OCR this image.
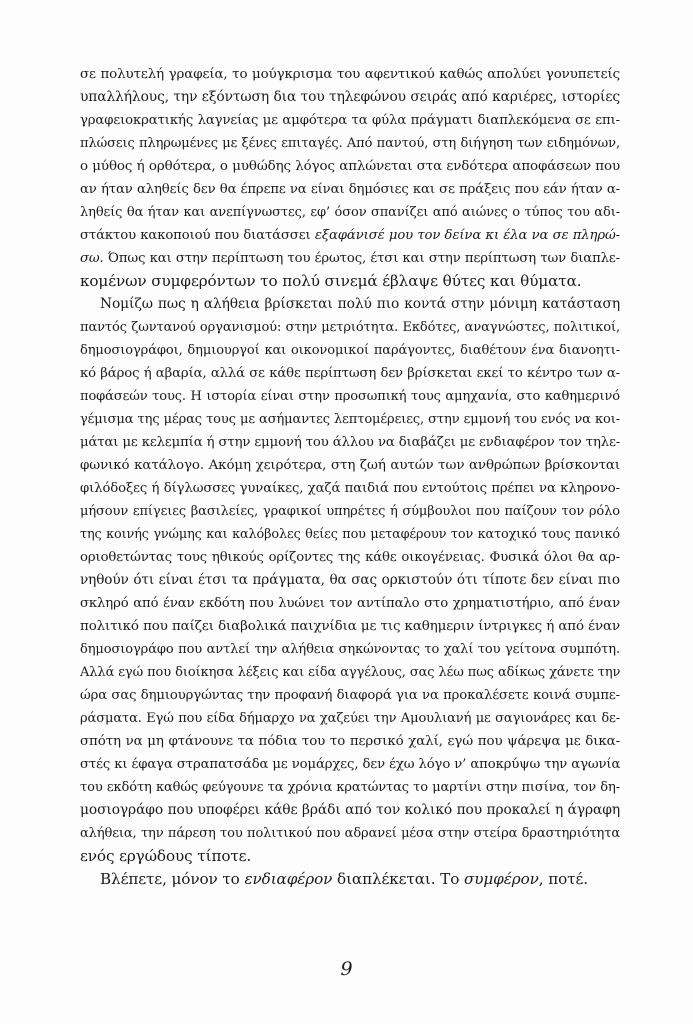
σε πολυτελή γραφεία, το μούγκρισμα του αφεντικού καθώς απολύει γονυπετείς
υπαλλήλους, την εξόντωση δια του τηλεφώνου σειράς από καριέρες, ιστορίες
γραφειοκρατικής λαγνείας με αμφότερα τα φύλα πράγματι διαπλεκόμενα σε επι-
πλώσεις πληρωμένες με ξένες επιταγές. Από παντού, στη διήγηση των ειδημόνων,
ο μύθος ή ορθότερα, ο μυθώδης λόγος απλώνεται στα ενδότερα αποφάσεων που
αν ήταν αληθείς δεν θα έπρεπε να είναι δημόσιες και σε πράξεις που εάν ήταν α-
ληθείς θα ήταν και ανεπίγνωστες, εφ’ όσον σπανίζει από αιώνες ο τύπος του αδι-
στάκτου κακοποιού που διατάσσει εξαφάνισέ μου τον δείνα κι έλα να σε πληρώ-
σω. Όπως και στην περίπτωση του έρωτος, έτσι και στην περίπτωση των διαπλε-
κομένων συμφερόντων το πολύ σινεμά έβλαψε θύτες και θύματα.
Νομίζω πως η αλήθεια βρίσκεται πολύ πιο κοντά στην μόνιμη κατάσταση
παντός ζωντανού οργανισμού: στην μετριότητα. Εκδότες, αναγνώστες, πολιτικοί,
δημοσιογράφοι, δημιουργοί και οικονομικοί παράγοντες, διαθέτουν ένα διανοητι-
κό βάρος ή αβαρία, αλλά σε κάθε περίπτωση δεν βρίσκεται εκεί το κέντρο των α-
ποφάσεών τους. Η ιστορία είναι στην προσωπική τους αμηχανία, στο καθημερινό
γέμισμα της μέρας τους με ασήμαντες λεπτομέρειες, στην εμμονή του ενός να κοι-
μάται με κελεμπία ή στην εμμονή του άλλου να διαβάζει με ενδιαφέρον τον τηλε-
φωνικό κατάλογο. Ακόμη χειρότερα, στη ζωή αυτών των ανθρώπων βρίσκονται
φιλόδοξες ή δίγλωσσες γυναίκες, χαζά παιδιά που εντούτοις πρέπει να κληρονο-
μήσουν επίγειες βασιλείες, γραφικοί υπηρέτες ή σύμβουλοι που παίζουν τον ρόλο
της κοινής γνώμης και καλόβολες θείες που μεταφέρουν τον κατοχικό τους πανικό
οριοθετώντας τους ηθικούς ορίζοντες της κάθε οικογένειας. Φυσικά όλοι θα αρ-
νηθούν ότι είναι έτσι τα πράγματα, θα σας ορκιστούν ότι τίποτε δεν είναι πιο
σκληρό από έναν εκδότη που λυώνει τον αντίπαλο στο χρηματιστήριο, από έναν
πολιτικό που παίζει διαβολικά παιχνίδια με τις καθημεριν ίντριγκες ή από έναν
δημοσιογράφο που αντλεί την αλήθεια σηκώνοντας το χαλί του γείτονα συμπότη.
Αλλά εγώ που διοίκησα λέξεις και είδα αγγέλους, σας λέω πως αδίκως χάνετε την
ώρα σας δημιουργώντας την προφανή διαφορά για να προκαλέσετε κοινά συμπε-
ράσματα. Εγώ που είδα δήμαρχο να χαζεύει την Αμουλιανή με σαγιονάρες και δε-
σπότη να μη φτάνουνε τα πόδια του το περσικό χαλί, εγώ που ψάρεψα με δικα-
στές κι έφαγα στραπατσάδα με νομάρχες, δεν έχω λόγο ν’ αποκρύψω την αγωνία
του εκδότη καθώς φεύγουνε τα χρόνια κρατώντας το μαρτίνι στην πισίνα, τον δη-
μοσιογράφο που υποφέρει κάθε βράδι από τον κολικό που προκαλεί η άγραφη
αλήθεια, την πάρεση του πολιτικού που αδρανεί μέσα στην στείρα δραστηριότητα
ενός εργώδους τίποτε.
Βλέπετε, μόνον το ενδιαφέρον διαπλέκεται. Το συμφέρον, ποτέ.
9
